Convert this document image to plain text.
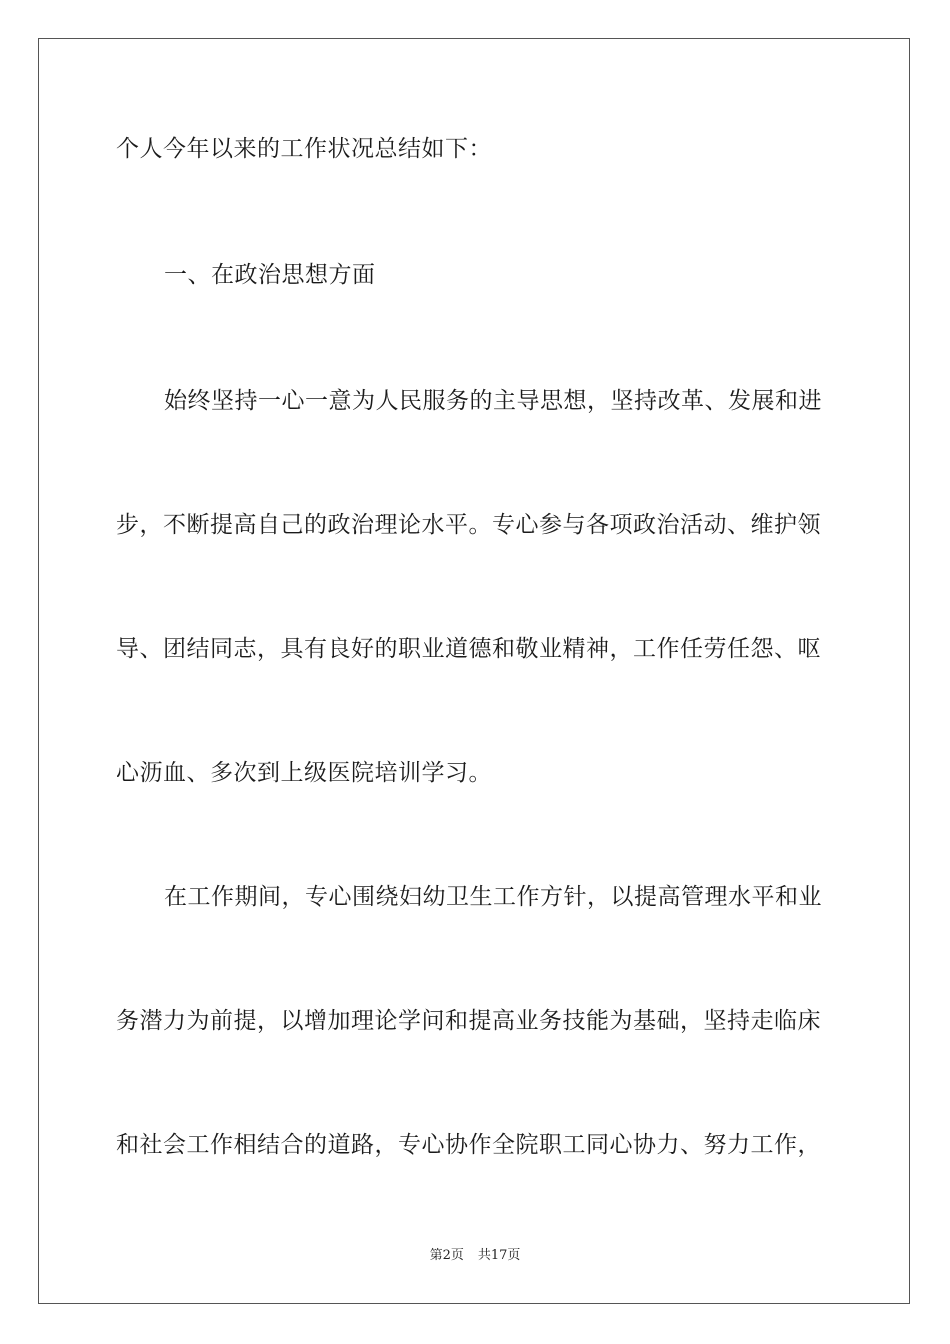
个人今年以来的工作状况总结如下：
一、在政治思想方面
始终坚持一心一意为人民服务的主导思想，坚持改革、发展和进
步，不断提高自己的政治理论水平。专心参与各项政治活动、维护领
导、团结同志，具有良好的职业道德和敬业精神，工作任劳任怨、呕
心沥血、多次到上级医院培训学习。
在工作期间，专心围绕妇幼卫生工作方针，以提高管理水平和业
务潜力为前提，以增加理论学问和提高业务技能为基础，坚持走临床
和社会工作相结合的道路，专心协作全院职工同心协力、努力工作，
第2页 共17页
